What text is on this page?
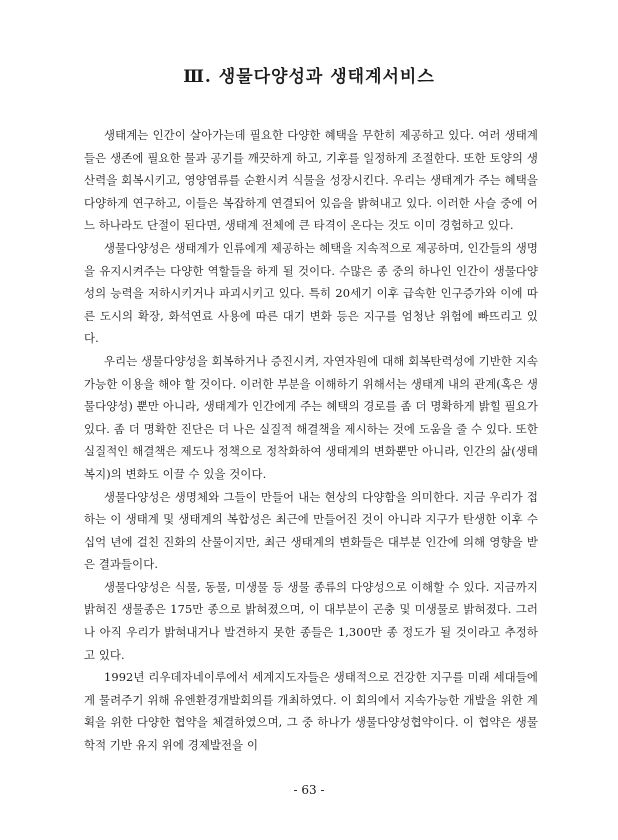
Ⅲ. 생물다양성과 생태계서비스

생태계는 인간이 살아가는데 필요한 다양한 혜택을 무한히 제공하고 있다. 여러 생태계들은 생존에 필요한 물과 공기를 깨끗하게 하고, 기후를 일정하게 조절한다. 또한 토양의 생산력을 회복시키고, 영양염류를 순환시켜 식물을 성장시킨다. 우리는 생태계가 주는 혜택을 다양하게 연구하고, 이들은 복잡하게 연결되어 있음을 밝혀내고 있다. 이러한 사슬 중에 어느 하나라도 단절이 된다면, 생태계 전체에 큰 타격이 온다는 것도 이미 경험하고 있다.

생물다양성은 생태계가 인류에게 제공하는 혜택을 지속적으로 제공하며, 인간들의 생명을 유지시켜주는 다양한 역할들을 하게 될 것이다. 수많은 종 중의 하나인 인간이 생물다양성의 능력을 저하시키거나 파괴시키고 있다. 특히 20세기 이후 급속한 인구증가와 이에 따른 도시의 확장, 화석연료 사용에 따른 대기 변화 등은 지구를 엄청난 위험에 빠뜨리고 있다.

우리는 생물다양성을 회복하거나 증진시켜, 자연자원에 대해 회복탄력성에 기반한 지속가능한 이용을 해야 할 것이다. 이러한 부분을 이해하기 위해서는 생태계 내의 관계(혹은 생물다양성) 뿐만 아니라, 생태계가 인간에게 주는 혜택의 경로를 좀 더 명확하게 밝힐 필요가 있다. 좀 더 명확한 진단은 더 나은 실질적 해결책을 제시하는 것에 도움을 줄 수 있다. 또한 실질적인 해결책은 제도나 정책으로 정착화하여 생태계의 변화뿐만 아니라, 인간의 삶(생태복지)의 변화도 이끌 수 있을 것이다.

생물다양성은 생명체와 그들이 만들어 내는 현상의 다양함을 의미한다. 지금 우리가 접하는 이 생태계 및 생태계의 복합성은 최근에 만들어진 것이 아니라 지구가 탄생한 이후 수십억 년에 걸친 진화의 산물이지만, 최근 생태계의 변화들은 대부분 인간에 의해 영향을 받은 결과들이다.

생물다양성은 식물, 동물, 미생물 등 생물 종류의 다양성으로 이해할 수 있다. 지금까지 밝혀진 생물종은 175만 종으로 밝혀졌으며, 이 대부분이 곤충 및 미생물로 밝혀졌다. 그러나 아직 우리가 밝혀내거나 발견하지 못한 종들은 1,300만 종 정도가 될 것이라고 추정하고 있다.

1992년 리우데자네이루에서 세계지도자들은 생태적으로 건강한 지구를 미래 세대들에게 물려주기 위해 유엔환경개발회의를 개최하였다. 이 회의에서 지속가능한 개발을 위한 계획을 위한 다양한 협약을 체결하였으며, 그 중 하나가 생물다양성협약이다. 이 협약은 생물학적 기반 유지 위에 경제발전을 이

- 63 -
